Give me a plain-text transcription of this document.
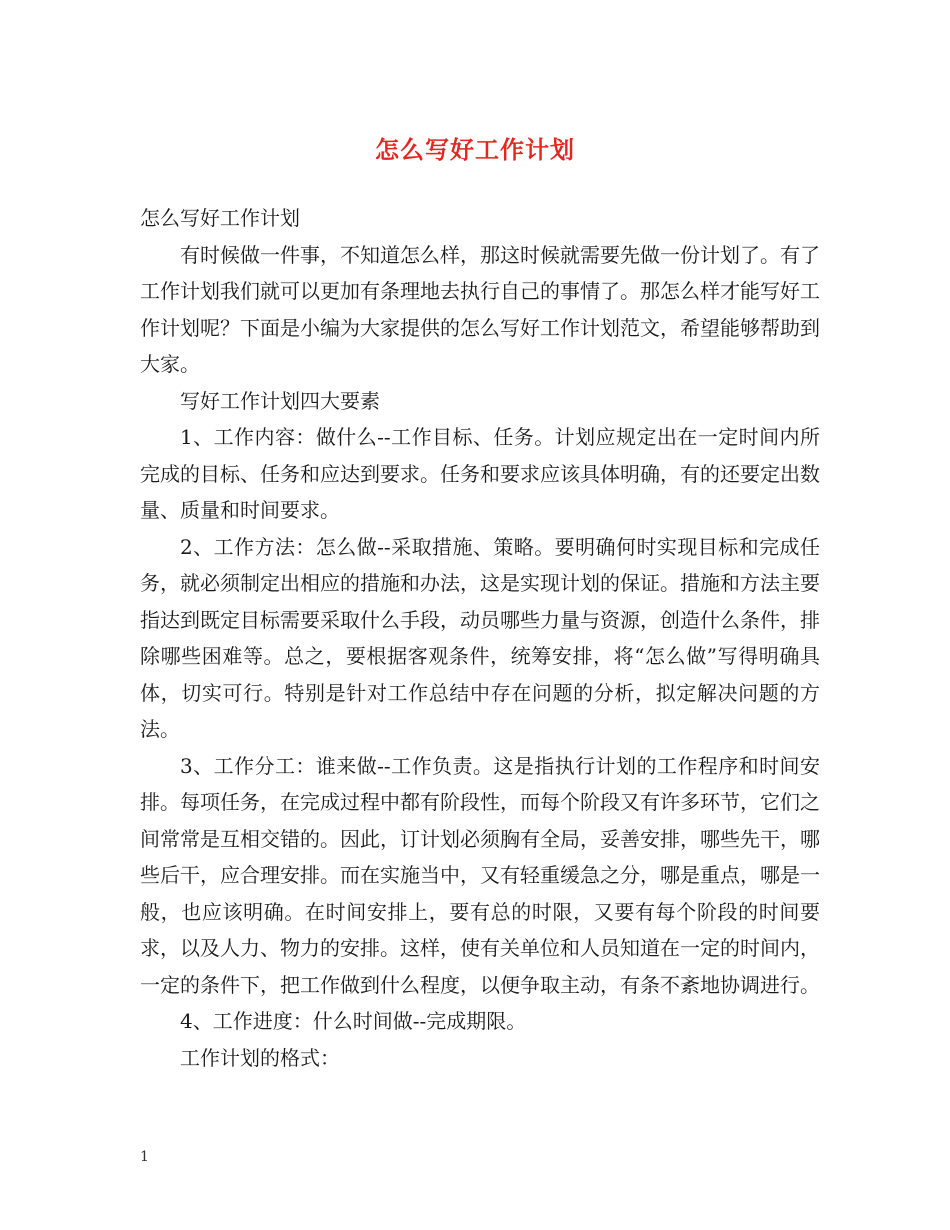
怎么写好工作计划

怎么写好工作计划

有时候做一件事，不知道怎么样，那这时候就需要先做一份计划了。有了工作计划我们就可以更加有条理地去执行自己的事情了。那怎么样才能写好工作计划呢？下面是小编为大家提供的怎么写好工作计划范文，希望能够帮助到大家。

写好工作计划四大要素

1、工作内容：做什么--工作目标、任务。计划应规定出在一定时间内所完成的目标、任务和应达到要求。任务和要求应该具体明确，有的还要定出数量、质量和时间要求。

2、工作方法：怎么做--采取措施、策略。要明确何时实现目标和完成任务，就必须制定出相应的措施和办法，这是实现计划的保证。措施和方法主要指达到既定目标需要采取什么手段，动员哪些力量与资源，创造什么条件，排除哪些困难等。总之，要根据客观条件，统筹安排，将“怎么做”写得明确具体，切实可行。特别是针对工作总结中存在问题的分析，拟定解决问题的方法。

3、工作分工：谁来做--工作负责。这是指执行计划的工作程序和时间安排。每项任务，在完成过程中都有阶段性，而每个阶段又有许多环节，它们之间常常是互相交错的。因此，订计划必须胸有全局，妥善安排，哪些先干，哪些后干，应合理安排。而在实施当中，又有轻重缓急之分，哪是重点，哪是一般，也应该明确。在时间安排上，要有总的时限，又要有每个阶段的时间要求，以及人力、物力的安排。这样，使有关单位和人员知道在一定的时间内，一定的条件下，把工作做到什么程度，以便争取主动，有条不紊地协调进行。

4、工作进度：什么时间做--完成期限。

工作计划的格式：

1
